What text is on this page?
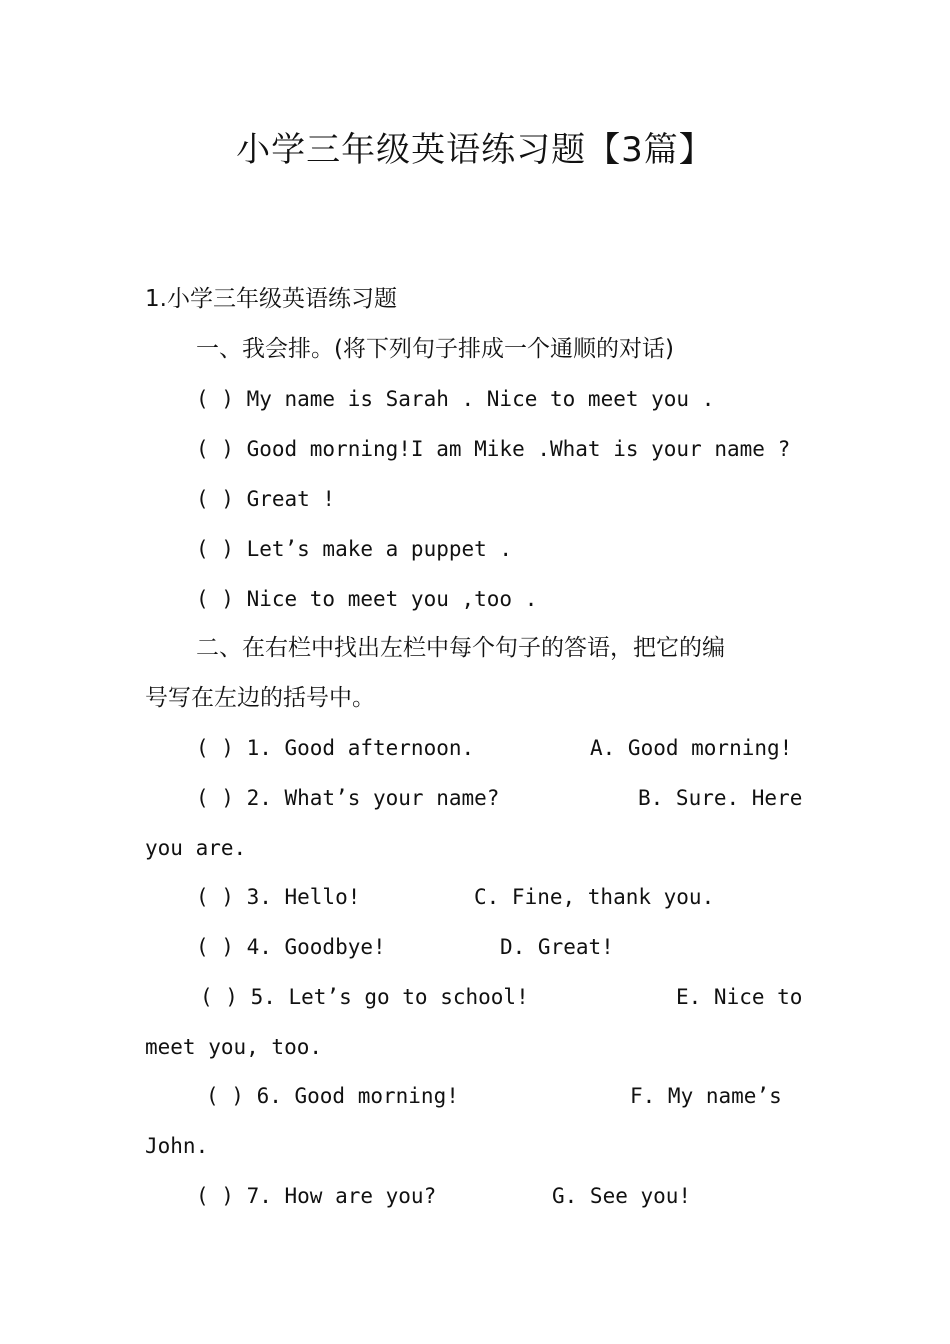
小学三年级英语练习题【3篇】
1.小学三年级英语练习题
一、我会排。(将下列句子排成一个通顺的对话)
( ) My name is Sarah . Nice to meet you .
( ) Good morning!I am Mike .What is your name ?
( ) Great !
( ) Let’s make a puppet .
( ) Nice to meet you ,too .
二、在右栏中找出左栏中每个句子的答语，把它的编
号写在左边的括号中。
( ) 1. Good afternoon.	A. Good morning!
( ) 2. What’s your name?	B. Sure. Here
you are.
( ) 3. Hello!	C. Fine, thank you.
( ) 4. Goodbye!	D. Great!
( ) 5. Let’s go to school!	E. Nice to
meet you, too.
( ) 6. Good morning!	F. My name’s
John.
( ) 7. How are you?	G. See you!
